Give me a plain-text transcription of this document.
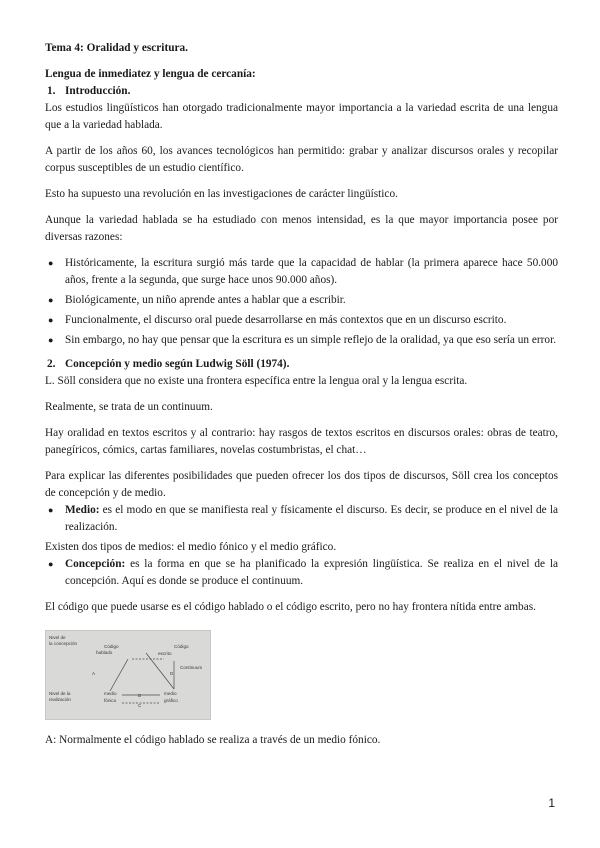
Tema 4: Oralidad y escritura.

Lengua de inmediatez y lengua de cercanía:

1. Introducción.

Los estudios lingüísticos han otorgado tradicionalmente mayor importancia a la variedad escrita de una lengua que a la variedad hablada.

A partir de los años 60, los avances tecnológicos han permitido: grabar y analizar discursos orales y recopilar corpus susceptibles de un estudio científico.

Esto ha supuesto una revolución en las investigaciones de carácter lingüístico.

Aunque la variedad hablada se ha estudiado con menos intensidad, es la que mayor importancia posee por diversas razones:

● Históricamente, la escritura surgió más tarde que la capacidad de hablar (la primera aparece hace 50.000 años, frente a la segunda, que surge hace unos 90.000 años).
● Biológicamente, un niño aprende antes a hablar que a escribir.
● Funcionalmente, el discurso oral puede desarrollarse en más contextos que en un discurso escrito.
● Sin embargo, no hay que pensar que la escritura es un simple reflejo de la oralidad, ya que eso sería un error.
2. Concepción y medio según Ludwig Söll (1974).

L. Söll considera que no existe una frontera específica entre la lengua oral y la lengua escrita.

Realmente, se trata de un continuum.

Hay oralidad en textos escritos y al contrario: hay rasgos de textos escritos en discursos orales: obras de teatro, panegíricos, cómics, cartas familiares, novelas costumbristas, el chat…

Para explicar las diferentes posibilidades que pueden ofrecer los dos tipos de discursos, Söll crea los conceptos de concepción y de medio.

● Medio: es el modo en que se manifiesta real y físicamente el discurso. Es decir, se produce en el nivel de la realización.

Existen dos tipos de medios: el medio fónico y el medio gráfico.

● Concepción: es la forma en que se ha planificado la expresión lingüística. Se realiza en el nivel de la concepción. Aquí es donde se produce el continuum.

El código que puede usarse es el código hablado o el código escrito, pero no hay frontera nítida entre ambas.

Nivel de
la concepción
Código
hablado
Código
escrito
Continuum
Nivel de la
realización
medio
fónico
medio
gráfico
A
B
C
D

A: Normalmente el código hablado se realiza a través de un medio fónico.

1
